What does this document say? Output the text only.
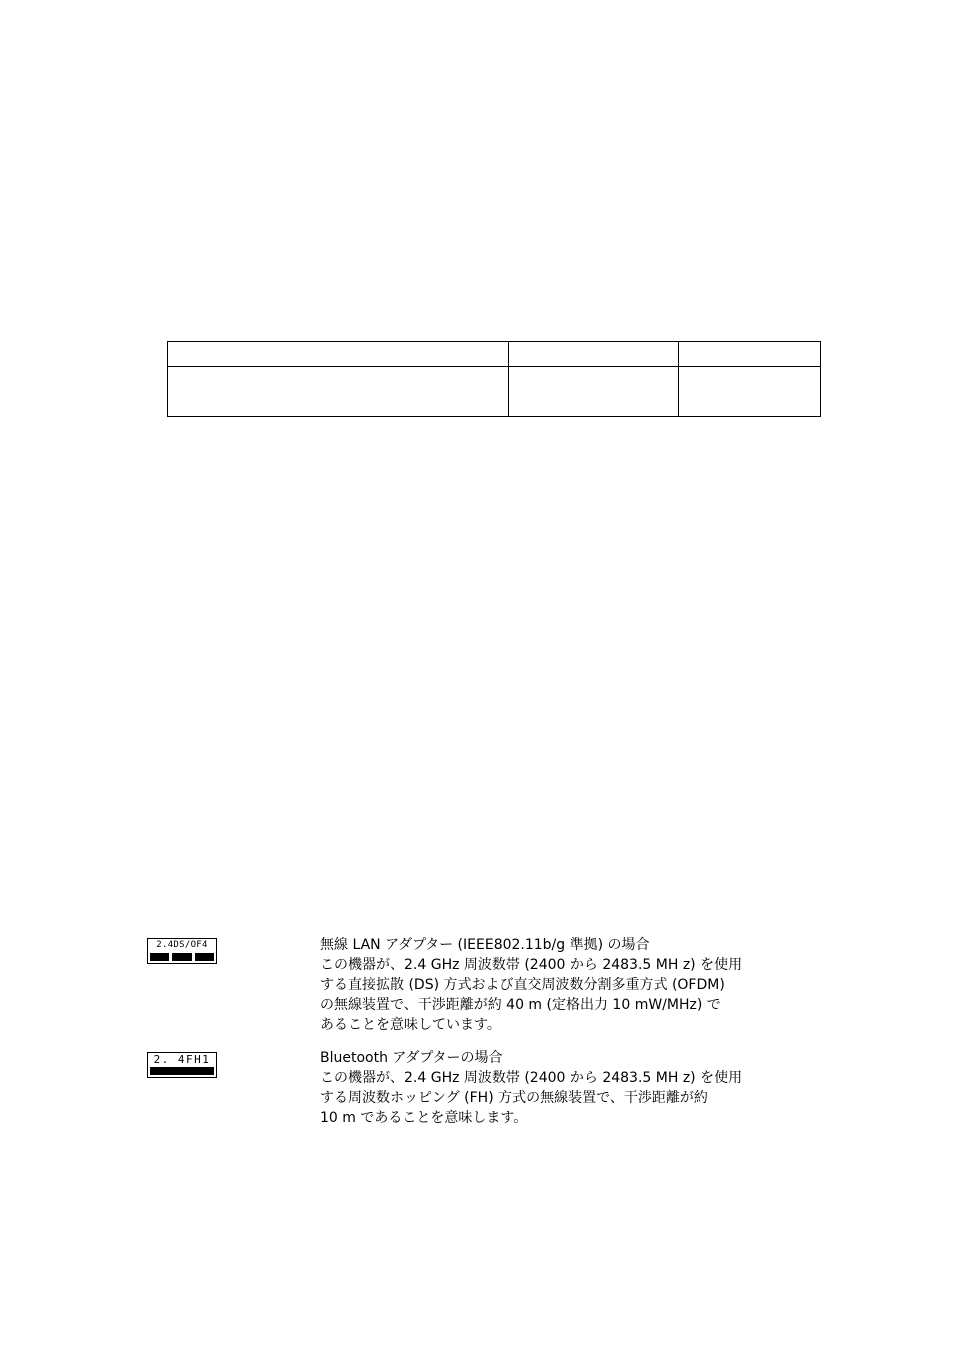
2.4DS/OF4	無線 LAN アダプター (IEEE802.11b/g 準拠) の場合
この機器が、2.4 GHz 周波数帯 (2400 から 2483.5 MH z) を使用
する直接拡散 (DS) 方式および直交周波数分割多重方式 (OFDM)
の無線装置で、干渉距離が約 40 m (定格出力 10 mW/MHz) で
あることを意味しています。
2. 4FH1	Bluetooth アダプターの場合
この機器が、2.4 GHz 周波数帯 (2400 から 2483.5 MH z) を使用
する周波数ホッピング (FH) 方式の無線装置で、干渉距離が約
10 m であることを意味します。
